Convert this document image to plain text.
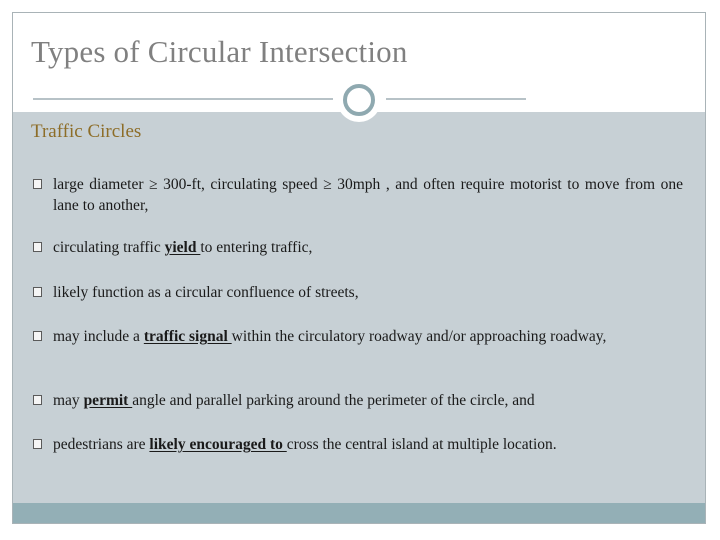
Types of Circular Intersection
Traffic Circles
large diameter ≥ 300-ft, circulating speed ≥ 30mph , and often require motorist to move from one lane to another,
circulating traffic yield to entering traffic,
likely function as a circular confluence of streets,
may include a traffic signal within the circulatory roadway and/or approaching roadway,
may permit angle and parallel parking around the perimeter of the circle, and
pedestrians are likely encouraged to cross the central island at multiple location.
